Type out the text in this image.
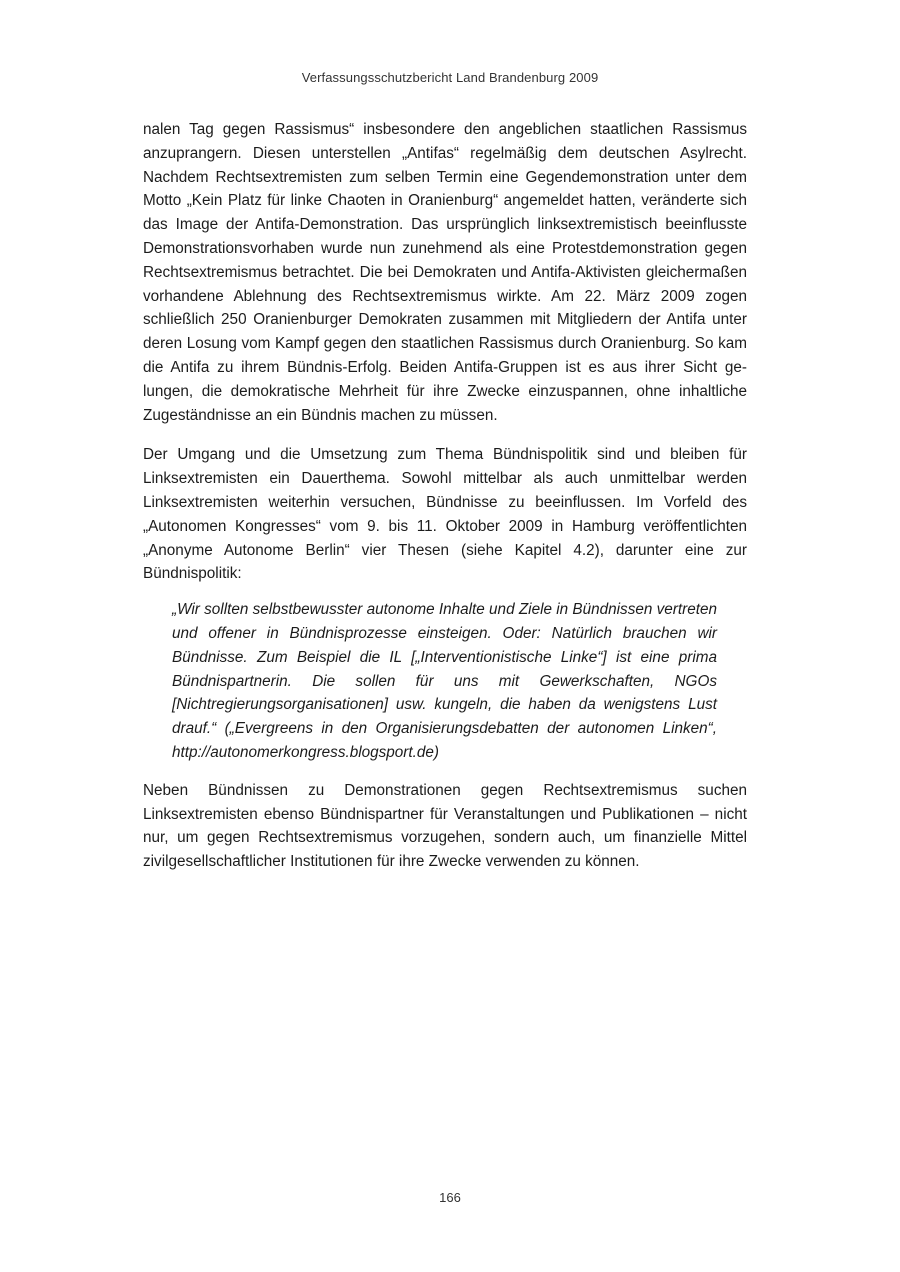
Verfassungsschutzbericht Land Brandenburg 2009

nalen Tag gegen Rassismus“ insbesondere den angeblichen staatlichen Rassismus anzuprangern. Diesen unterstellen „Antifas“ regelmäßig dem deutschen Asylrecht. Nachdem Rechtsextremisten zum selben Termin eine Gegendemonstration unter dem Motto „Kein Platz für linke Chaoten in Oranienburg“ angemeldet hatten, veränderte sich das Image der Antifa-Demonstration. Das ursprünglich linksextremistisch beeinflusste Demonstrationsvorhaben wurde nun zunehmend als eine Protestdemonstration gegen Rechtsextremismus betrachtet. Die bei Demokraten und Antifa-Aktivisten gleichermaßen vorhandene Ablehnung des Rechtsextremismus wirkte. Am 22. März 2009 zogen schließlich 250 Oranienburger Demokraten zusammen mit Mitgliedern der Antifa unter deren Losung vom Kampf gegen den staatlichen Rassismus durch Oranienburg. So kam die Antifa zu ihrem Bündnis-Erfolg. Beiden Antifa-Gruppen ist es aus ihrer Sicht gelungen, die demokratische Mehrheit für ihre Zwecke einzuspannen, ohne inhaltliche Zugeständnisse an ein Bündnis machen zu müssen.

Der Umgang und die Umsetzung zum Thema Bündnispolitik sind und bleiben für Linksextremisten ein Dauerthema. Sowohl mittelbar als auch unmittelbar werden Linksextremisten weiterhin versuchen, Bündnisse zu beeinflussen. Im Vorfeld des „Autonomen Kongresses“ vom 9. bis 11. Oktober 2009 in Hamburg veröffentlichten „Anonyme Autonome Berlin“ vier Thesen (siehe Kapitel 4.2), darunter eine zur Bündnispolitik:

„Wir sollten selbstbewusster autonome Inhalte und Ziele in Bündnissen vertreten und offener in Bündnisprozesse einsteigen. Oder: Natürlich brauchen wir Bündnisse. Zum Beispiel die IL [„Interventionistische Linke“] ist eine prima Bündnispartnerin. Die sollen für uns mit Gewerkschaften, NGOs [Nichtregierungsorganisationen] usw. kungeln, die haben da wenigstens Lust drauf.“ („Evergreens in den Organisierungsdebatten der autonomen Linken“, http://autonomerkongress.blogsport.de)

Neben Bündnissen zu Demonstrationen gegen Rechtsextremismus suchen Linksextremisten ebenso Bündnispartner für Veranstaltungen und Publikationen – nicht nur, um gegen Rechtsextremismus vorzugehen, sondern auch, um finanzielle Mittel zivilgesellschaftlicher Institutionen für ihre Zwecke verwenden zu können.

166
